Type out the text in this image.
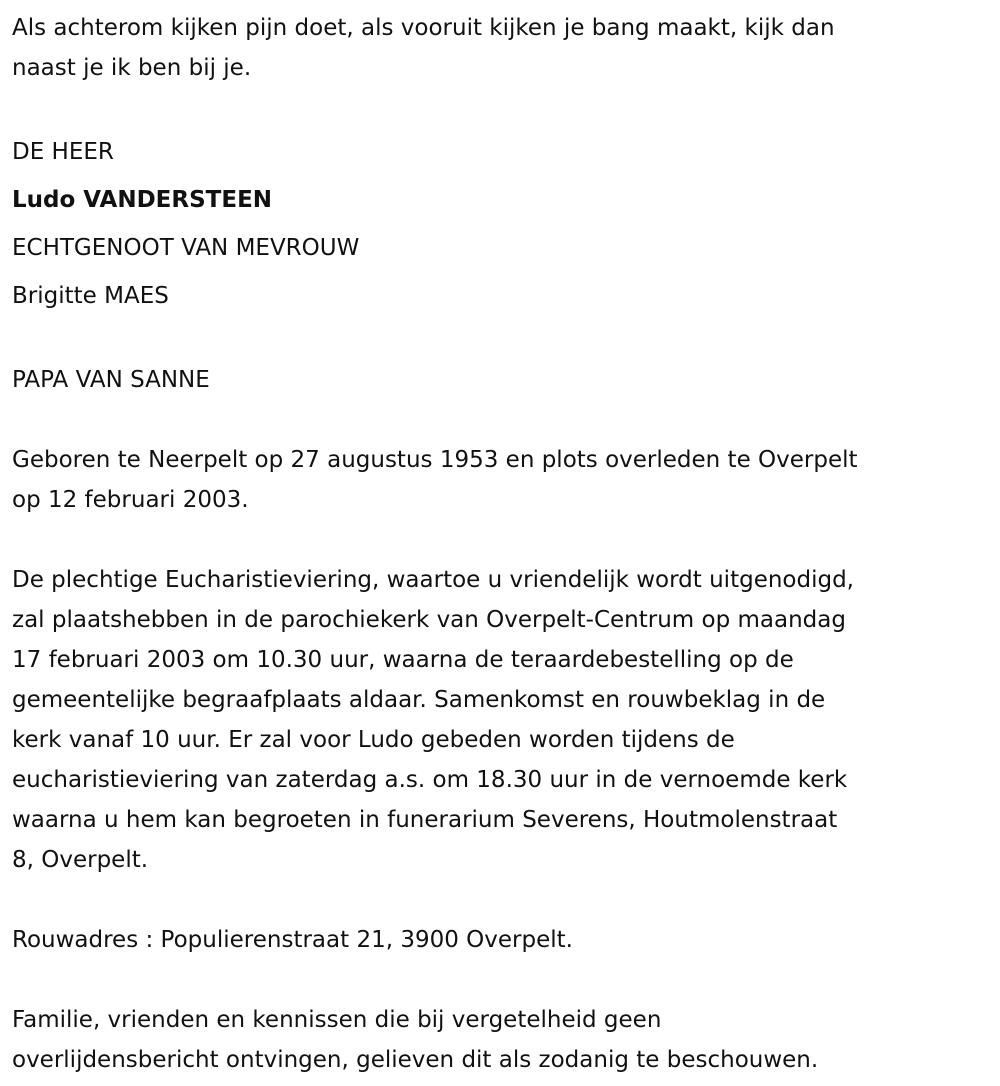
Als achterom kijken pijn doet, als vooruit kijken je bang maakt, kijk dan
naast je ik ben bij je.
DE HEER
Ludo VANDERSTEEN
ECHTGENOOT VAN MEVROUW
Brigitte MAES
PAPA VAN SANNE
Geboren te Neerpelt op 27 augustus 1953 en plots overleden te Overpelt
op 12 februari 2003.
De plechtige Eucharistieviering, waartoe u vriendelijk wordt uitgenodigd,
zal plaatshebben in de parochiekerk van Overpelt-Centrum op maandag
17 februari 2003 om 10.30 uur, waarna de teraardebestelling op de
gemeentelijke begraafplaats aldaar. Samenkomst en rouwbeklag in de
kerk vanaf 10 uur. Er zal voor Ludo gebeden worden tijdens de
eucharistieviering van zaterdag a.s. om 18.30 uur in de vernoemde kerk
waarna u hem kan begroeten in funerarium Severens, Houtmolenstraat
8, Overpelt.
Rouwadres : Populierenstraat 21, 3900 Overpelt.
Familie, vrienden en kennissen die bij vergetelheid geen
overlijdensbericht ontvingen, gelieven dit als zodanig te beschouwen.
